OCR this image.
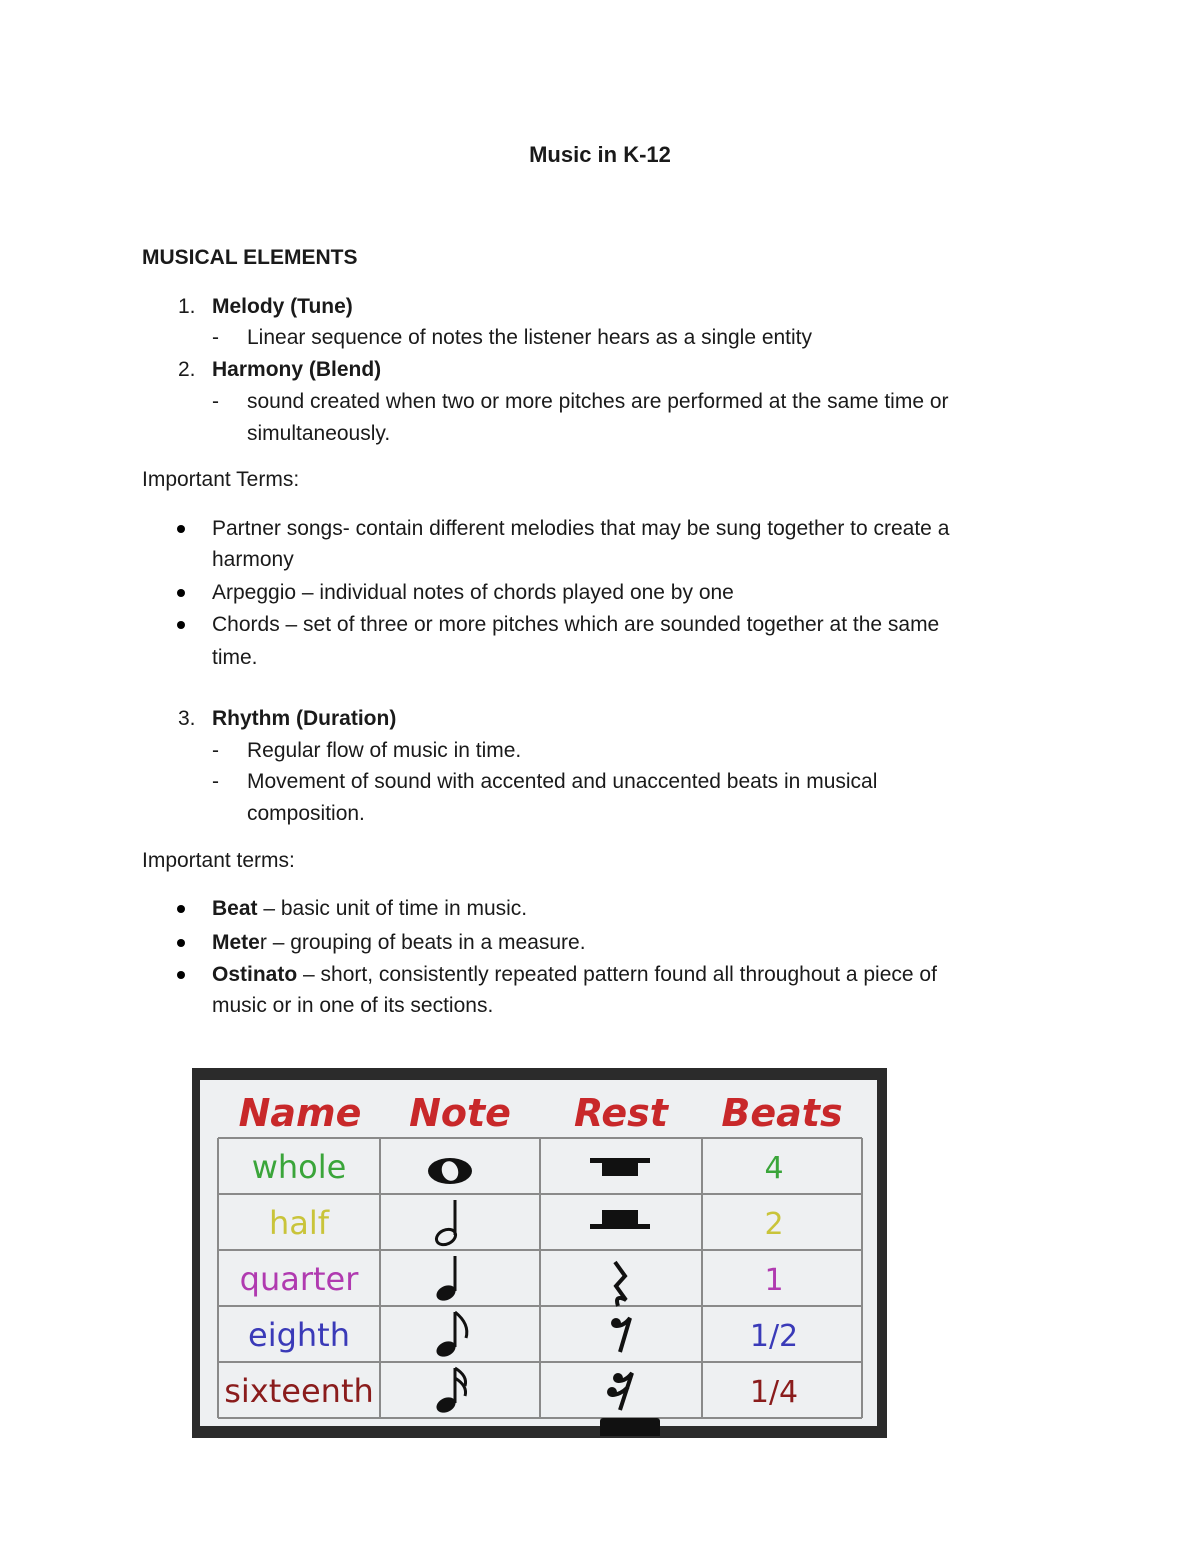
Music in K-12
MUSICAL ELEMENTS
1. Melody (Tune)
- Linear sequence of notes the listener hears as a single entity
2. Harmony (Blend)
- sound created when two or more pitches are performed at the same time or
simultaneously.
Important Terms:
Partner songs- contain different melodies that may be sung together to create a
harmony
Arpeggio – individual notes of chords played one by one
Chords – set of three or more pitches which are sounded together at the same
time.
3. Rhythm (Duration)
- Regular flow of music in time.
- Movement of sound with accented and unaccented beats in musical
composition.
Important terms:
Beat – basic unit of time in music.
Meter – grouping of beats in a measure.
Ostinato – short, consistently repeated pattern found all throughout a piece of
music or in one of its sections.
Name Note Rest Beats
whole
half
quarter
eighth
sixteenth
4
2
1
1/2
1/4
